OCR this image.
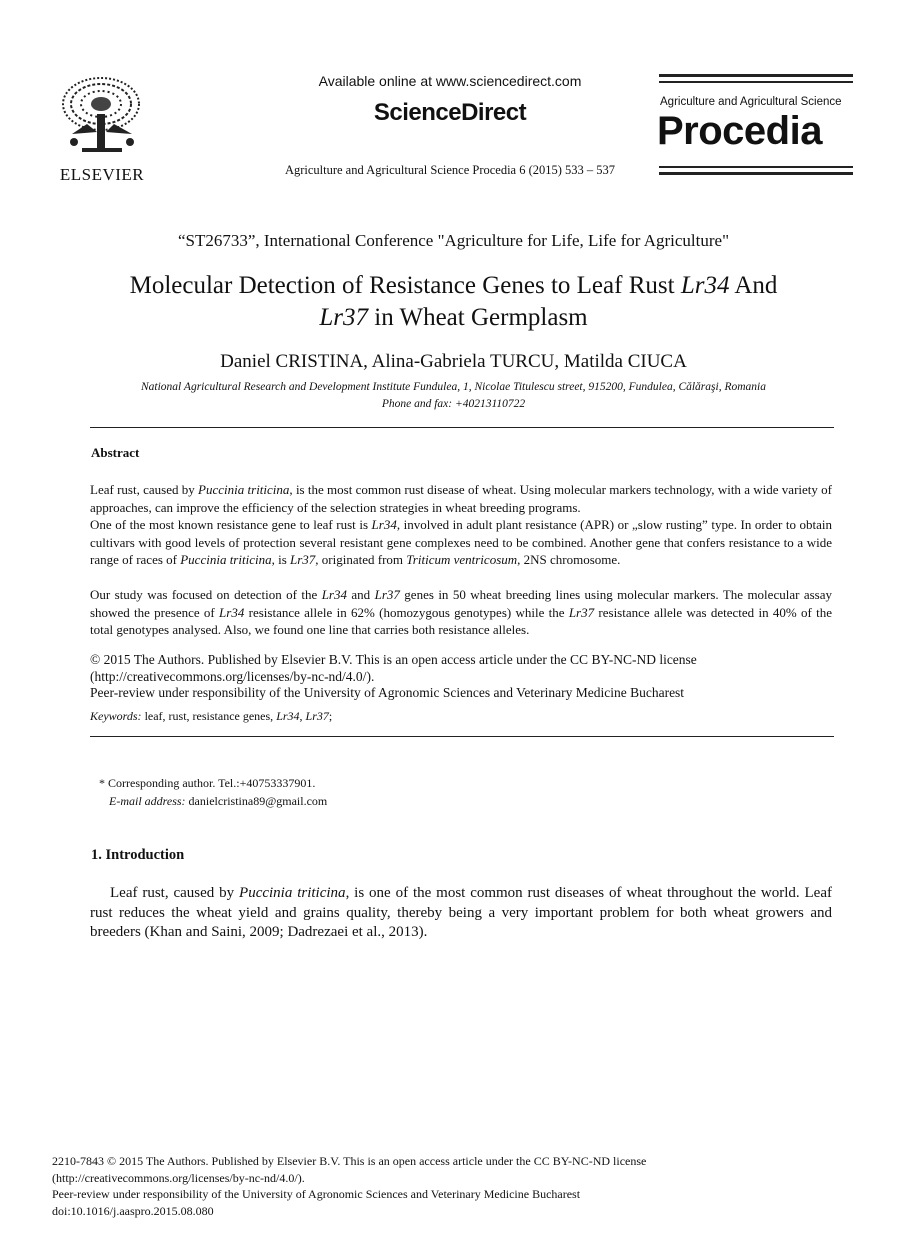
ELSEVIER
Available online at www.sciencedirect.com
ScienceDirect
Agriculture and Agricultural Science Procedia 6 (2015) 533 – 537
Agriculture and Agricultural Science
Procedia
“ST26733”, International Conference "Agriculture for Life, Life for Agriculture"
Molecular Detection of Resistance Genes to Leaf Rust Lr34 And
Lr37 in Wheat Germplasm
Daniel CRISTINA, Alina-Gabriela TURCU, Matilda CIUCA
National Agricultural Research and Development Institute Fundulea, 1, Nicolae Titulescu street, 915200, Fundulea, Călăraşi, Romania
Phone and fax: +40213110722
Abstract
Leaf rust, caused by Puccinia triticina, is the most common rust disease of wheat. Using molecular markers technology, with a wide variety of approaches, can improve the efficiency of the selection strategies in wheat breeding programs.
One of the most known resistance gene to leaf rust is Lr34, involved in adult plant resistance (APR) or „slow rusting” type. In order to obtain cultivars with good levels of protection several resistant gene complexes need to be combined. Another gene that confers resistance to a wide range of races of Puccinia triticina, is Lr37, originated from Triticum ventricosum, 2NS chromosome.
Our study was focused on detection of the Lr34 and Lr37 genes in 50 wheat breeding lines using molecular markers. The molecular assay showed the presence of Lr34 resistance allele in 62% (homozygous genotypes) while the Lr37 resistance allele was detected in 40% of the total genotypes analysed. Also, we found one line that carries both resistance alleles.
© 2015 The Authors. Published by Elsevier B.V. This is an open access article under the CC BY-NC-ND license
(http://creativecommons.org/licenses/by-nc-nd/4.0/).
Peer-review under responsibility of the University of Agronomic Sciences and Veterinary Medicine Bucharest
Keywords: leaf, rust, resistance genes, Lr34, Lr37;
* Corresponding author. Tel.:+40753337901.
E-mail address: danielcristina89@gmail.com
1. Introduction
Leaf rust, caused by Puccinia triticina, is one of the most common rust diseases of wheat throughout the world. Leaf rust reduces the wheat yield and grains quality, thereby being a very important problem for both wheat growers and breeders (Khan and Saini, 2009; Dadrezaei et al., 2013).
2210-7843 © 2015 The Authors. Published by Elsevier B.V. This is an open access article under the CC BY-NC-ND license
(http://creativecommons.org/licenses/by-nc-nd/4.0/).
Peer-review under responsibility of the University of Agronomic Sciences and Veterinary Medicine Bucharest
doi:10.1016/j.aaspro.2015.08.080
